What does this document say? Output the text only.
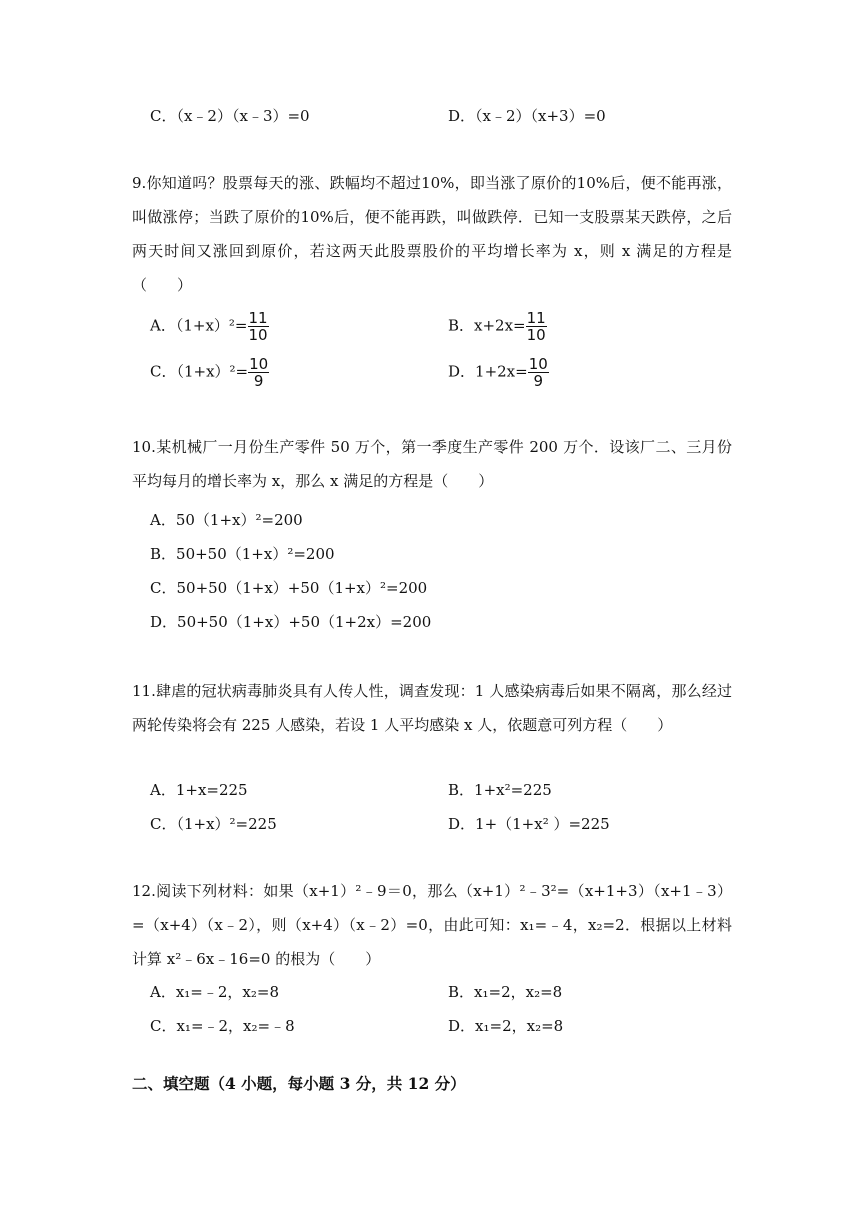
C．（x﹣2）（x﹣3）=0	D．（x﹣2）（x+3）=0
9.你知道吗？股票每天的涨、跌幅均不超过10%，即当涨了原价的10%后，便不能再涨，叫做涨停；当跌了原价的10%后，便不能再跌，叫做跌停．已知一支股票某天跌停，之后两天时间又涨回到原价，若这两天此股票股价的平均增长率为 x，则 x 满足的方程是（　　）
A．$(1+x)^2= \frac{11}{10}$	B．$x+2x= \frac{11}{10}$
C．$(1+x)^2= \frac{10}{9}$	D．$1+2x= \frac{10}{9}$
10.某机械厂一月份生产零件 50 万个，第一季度生产零件 200 万个．设该厂二、三月份平均每月的增长率为 x，那么 x 满足的方程是（　　）
A．50（1+x）²=200
B．50+50（1+x）²=200
C．50+50（1+x）+50（1+x）²=200
D．50+50（1+x）+50（1+2x）=200
11.肆虐的冠状病毒肺炎具有人传人性，调查发现：1 人感染病毒后如果不隔离，那么经过两轮传染将会有 225 人感染，若设 1 人平均感染 x 人，依题意可列方程（　　）
A．1+x=225	B．1+x²=225
C．（1+x）²=225	D．1+（1+x² ）=225
12.阅读下列材料：如果（x+1）²﹣9＝0，那么（x+1）²﹣3²=（x+1+3）（x+1﹣3）=（x+4）（x﹣2），则（x+4）（x﹣2）=0，由此可知：x₁=﹣4，x₂=2．根据以上材料计算 x²﹣6x﹣16=0 的根为（　　）
A．x₁=﹣2，x₂=8	B．x₁=2，x₂=8
C．x₁=﹣2，x₂=﹣8	D．x₁=2，x₂=8
二、填空题（4 小题，每小题 3 分，共 12 分）
